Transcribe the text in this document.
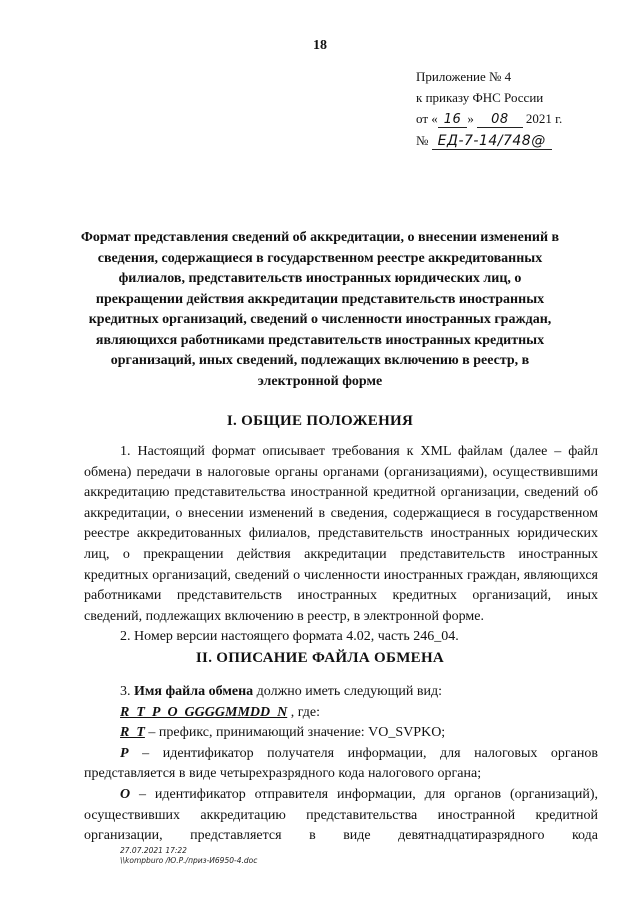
18
Приложение № 4
к приказу ФНС России
от « 16 » 08 2021 г.
№ ЕД-7-14/748@
Формат представления сведений об аккредитации, о внесении изменений в сведения, содержащиеся в государственном реестре аккредитованных филиалов, представительств иностранных юридических лиц, о прекращении действия аккредитации представительств иностранных кредитных организаций, сведений о численности иностранных граждан, являющихся работниками представительств иностранных кредитных организаций, иных сведений, подлежащих включению в реестр, в электронной форме
I. ОБЩИЕ ПОЛОЖЕНИЯ

1. Настоящий формат описывает требования к XML файлам (далее – файл обмена) передачи в налоговые органы органами (организациями), осуществившими аккредитацию представительства иностранной кредитной организации, сведений об аккредитации, о внесении изменений в сведения, содержащиеся в государственном реестре аккредитованных филиалов, представительств иностранных юридических лиц, о прекращении действия аккредитации представительств иностранных кредитных организаций, сведений о численности иностранных граждан, являющихся работниками представительств иностранных кредитных организаций, иных сведений, подлежащих включению в реестр, в электронной форме.

2. Номер версии настоящего формата 4.02, часть 246_04.

II. ОПИСАНИЕ ФАЙЛА ОБМЕНА

3. Имя файла обмена должно иметь следующий вид:

R_T_P_O_GGGGMMDD_N , где:

R_T – префикс, принимающий значение: VO_SVPKO;

P – идентификатор получателя информации, для налоговых органов представляется в виде четырехразрядного кода налогового органа;

O – идентификатор отправителя информации, для органов (организаций), осуществивших аккредитацию представительства иностранной кредитной организации, представляется в виде девятнадцатиразрядного кода

27.07.2021 17:22
\\kompburo /Ю.Р./приз-И6950-4.doc
